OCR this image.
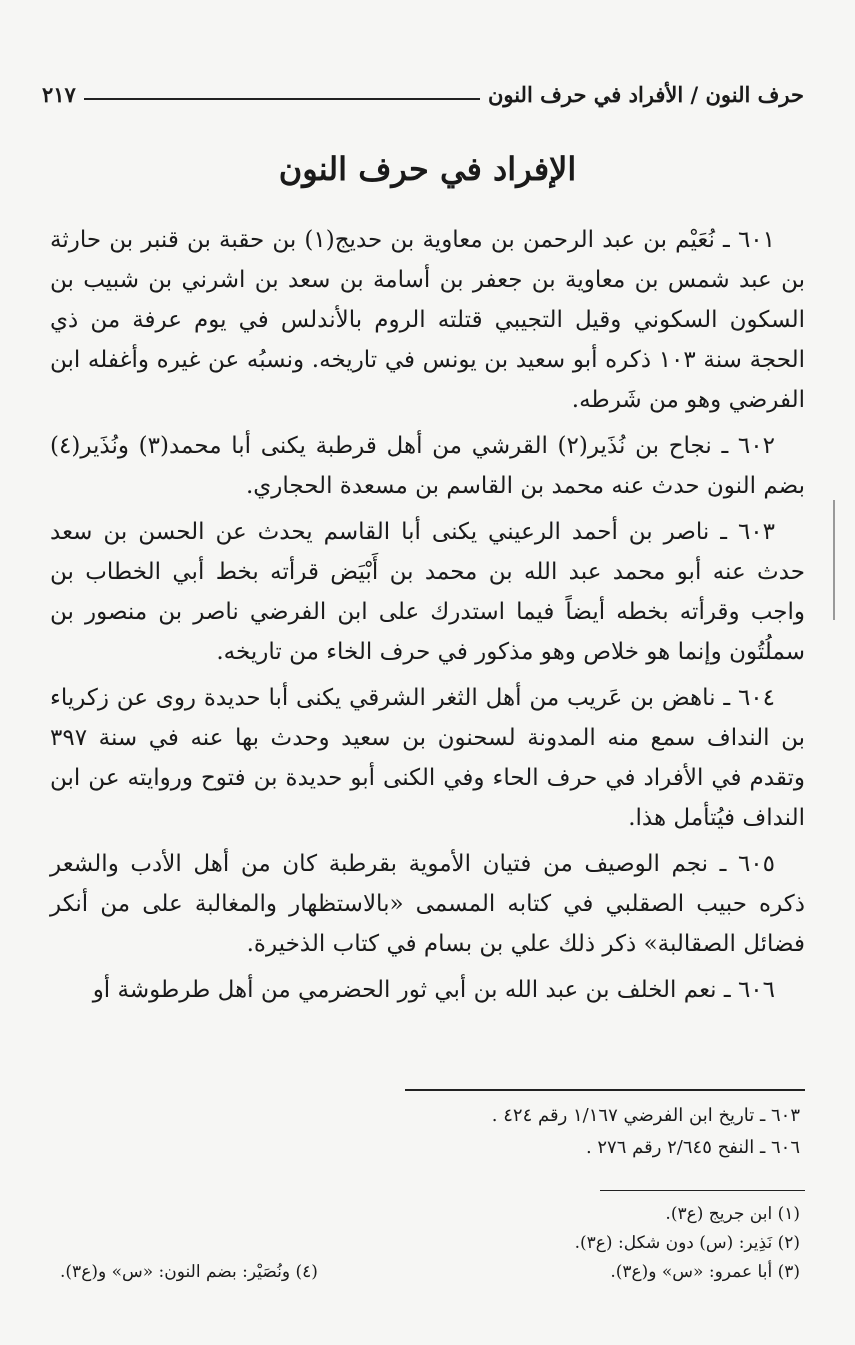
حرف النون / الأفراد في حرف النون
٢١٧
الإفراد في حرف النون

٦٠١ ـ نُعَيْم بن عبد الرحمن بن معاوية بن حديج(١) بن حقبة بن قنبر بن حارثة بن عبد شمس بن معاوية بن جعفر بن أسامة بن سعد بن اشرني بن شبيب بن السكون السكوني وقيل التجيبي قتلته الروم بالأندلس في يوم عرفة من ذي الحجة سنة ١٠٣ ذكره أبو سعيد بن يونس في تاريخه. ونسبُه عن غيره وأغفله ابن الفرضي وهو من شَرطه.

٦٠٢ ـ نجاح بن نُذَير(٢) القرشي من أهل قرطبة يكنى أبا محمد(٣) ونُذَير(٤) بضم النون حدث عنه محمد بن القاسم بن مسعدة الحجاري.

٦٠٣ ـ ناصر بن أحمد الرعيني يكنى أبا القاسم يحدث عن الحسن بن سعد حدث عنه أبو محمد عبد الله بن محمد بن أَبْيَض قرأته بخط أبي الخطاب بن واجب وقرأته بخطه أيضاً فيما استدرك على ابن الفرضي ناصر بن منصور بن سملُتُون وإنما هو خلاص وهو مذكور في حرف الخاء من تاريخه.

٦٠٤ ـ ناهض بن عَريب من أهل الثغر الشرقي يكنى أبا حديدة روى عن زكرياء بن النداف سمع منه المدونة لسحنون بن سعيد وحدث بها عنه في سنة ٣٩٧ وتقدم في الأفراد في حرف الحاء وفي الكنى أبو حديدة بن فتوح وروايته عن ابن النداف فيُتأمل هذا.

٦٠٥ ـ نجم الوصيف من فتيان الأموية بقرطبة كان من أهل الأدب والشعر ذكره حبيب الصقلبي في كتابه المسمى «بالاستظهار والمغالبة على من أنكر فضائل الصقالبة» ذكر ذلك علي بن بسام في كتاب الذخيرة.

٦٠٦ ـ نعم الخلف بن عبد الله بن أبي ثور الحضرمي من أهل طرطوشة أو

٦٠٣ ـ تاريخ ابن الفرضي ١/١٦٧ رقم ٤٢٤ .
٦٠٦ ـ النفح ٢/٦٤٥ رقم ٢٧٦ .
(١) ابن جريج (ع٣).
(٢) نَذِير: (س) دون شكل: (ع٣).
(٣) أبا عمرو: «س» و(ع٣).
(٤) ونُصَيْر: بضم النون: «س» و(ع٣).
